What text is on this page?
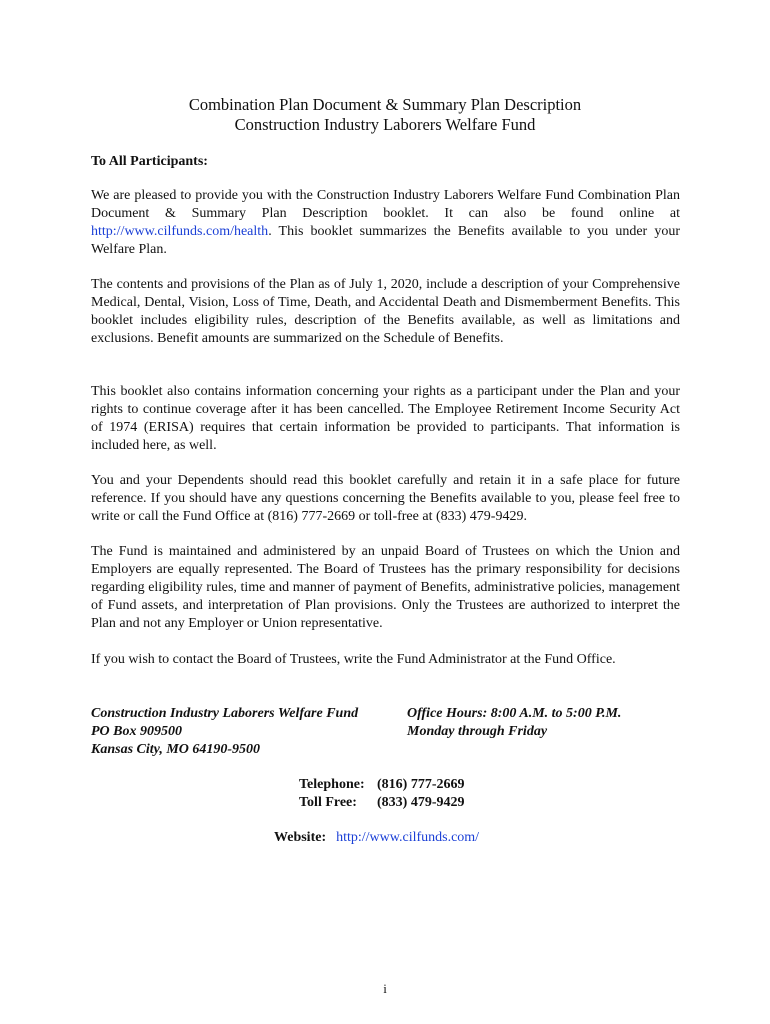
Combination Plan Document & Summary Plan Description

Construction Industry Laborers Welfare Fund

To All Participants:

We are pleased to provide you with the Construction Industry Laborers Welfare Fund Combination Plan Document & Summary Plan Description booklet. It can also be found online at http://www.cilfunds.com/health. This booklet summarizes the Benefits available to you under your Welfare Plan.

The contents and provisions of the Plan as of July 1, 2020, include a description of your Comprehensive Medical, Dental, Vision, Loss of Time, Death, and Accidental Death and Dismemberment Benefits. This booklet includes eligibility rules, description of the Benefits available, as well as limitations and exclusions. Benefit amounts are summarized on the Schedule of Benefits.

This booklet also contains information concerning your rights as a participant under the Plan and your rights to continue coverage after it has been cancelled. The Employee Retirement Income Security Act of 1974 (ERISA) requires that certain information be provided to participants. That information is included here, as well.

You and your Dependents should read this booklet carefully and retain it in a safe place for future reference. If you should have any questions concerning the Benefits available to you, please feel free to write or call the Fund Office at (816) 777-2669 or toll-free at (833) 479-9429.

The Fund is maintained and administered by an unpaid Board of Trustees on which the Union and Employers are equally represented. The Board of Trustees has the primary responsibility for decisions regarding eligibility rules, time and manner of payment of Benefits, administrative policies, management of Fund assets, and interpretation of Plan provisions. Only the Trustees are authorized to interpret the Plan and not any Employer or Union representative.

If you wish to contact the Board of Trustees, write the Fund Administrator at the Fund Office.

Construction Industry Laborers Welfare Fund
PO Box 909500
Kansas City, MO 64190-9500
Office Hours: 8:00 A.M. to 5:00 P.M.
Monday through Friday
Telephone: (816) 777-2669
Toll Free: (833) 479-9429
Website: http://www.cilfunds.com/
i
